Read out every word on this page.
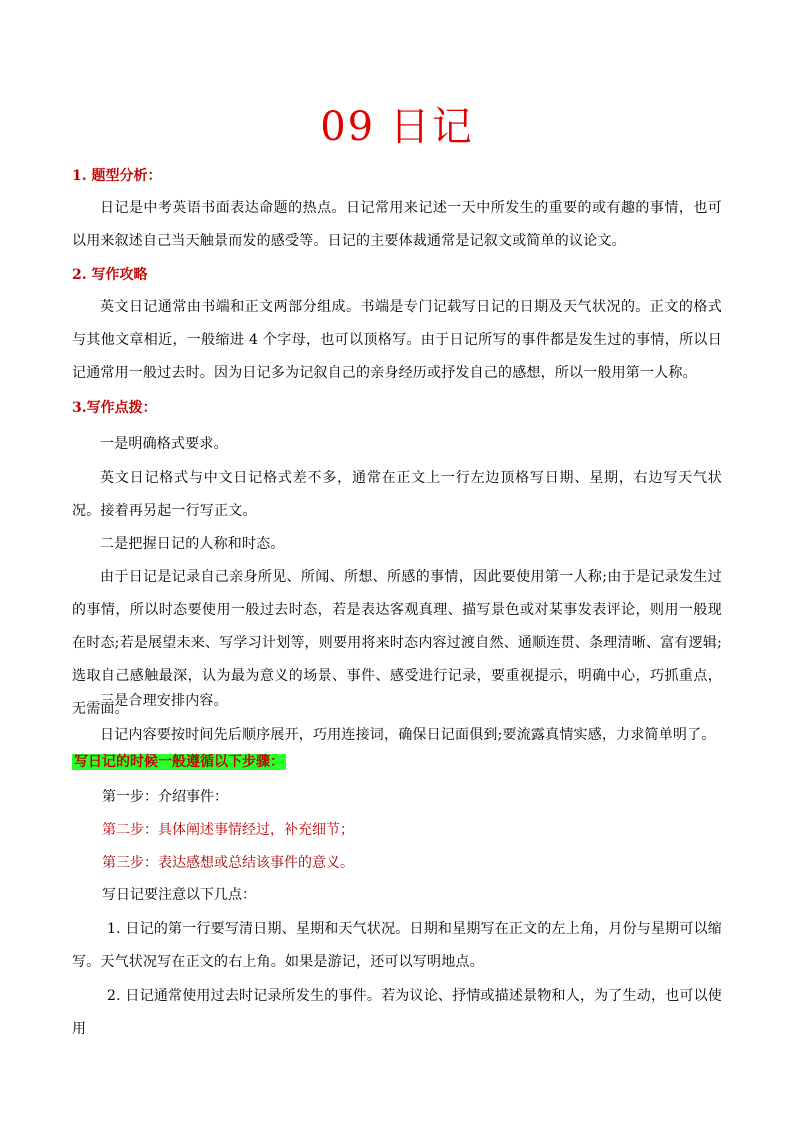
09 日记
1. 题型分析：
日记是中考英语书面表达命题的热点。日记常用来记述一天中所发生的重要的或有趣的事情，也可以用来叙述自己当天触景而发的感受等。日记的主要体裁通常是记叙文或简单的议论文。
2. 写作攻略
英文日记通常由书端和正文两部分组成。书端是专门记载写日记的日期及天气状况的。正文的格式与其他文章相近，一般缩进 4 个字母，也可以顶格写。由于日记所写的事件都是发生过的事情，所以日记通常用一般过去时。因为日记多为记叙自己的亲身经历或抒发自己的感想，所以一般用第一人称。
3.写作点拨：
一是明确格式要求。
英文日记格式与中文日记格式差不多，通常在正文上一行左边顶格写日期、星期，右边写天气状况。接着再另起一行写正文。
二是把握日记的人称和时态。
由于日记是记录自己亲身所见、所闻、所想、所感的事情，因此要使用第一人称;由于是记录发生过的事情，所以时态要使用一般过去时态，若是表达客观真理、描写景色或对某事发表评论，则用一般现在时态;若是展望未来、写学习计划等，则要用将来时态内容过渡自然、通顺连贯、条理清晰、富有逻辑;选取自己感触最深，认为最为意义的场景、事件、感受进行记录，要重视提示，明确中心，巧抓重点，无需面。
三是合理安排内容。
日记内容要按时间先后顺序展开，巧用连接词，确保日记面俱到;要流露真情实感，力求简单明了。
写日记的时候一般遵循以下步骤：
第一步：介绍事件：
第二步：具体阐述事情经过，补充细节；
第三步：表达感想或总结该事件的意义。
写日记要注意以下几点：
1. 日记的第一行要写清日期、星期和天气状况。日期和星期写在正文的左上角，月份与星期可以缩写。天气状况写在正文的右上角。如果是游记，还可以写明地点。
2. 日记通常使用过去时记录所发生的事件。若为议论、抒情或描述景物和人，为了生动，也可以使用
